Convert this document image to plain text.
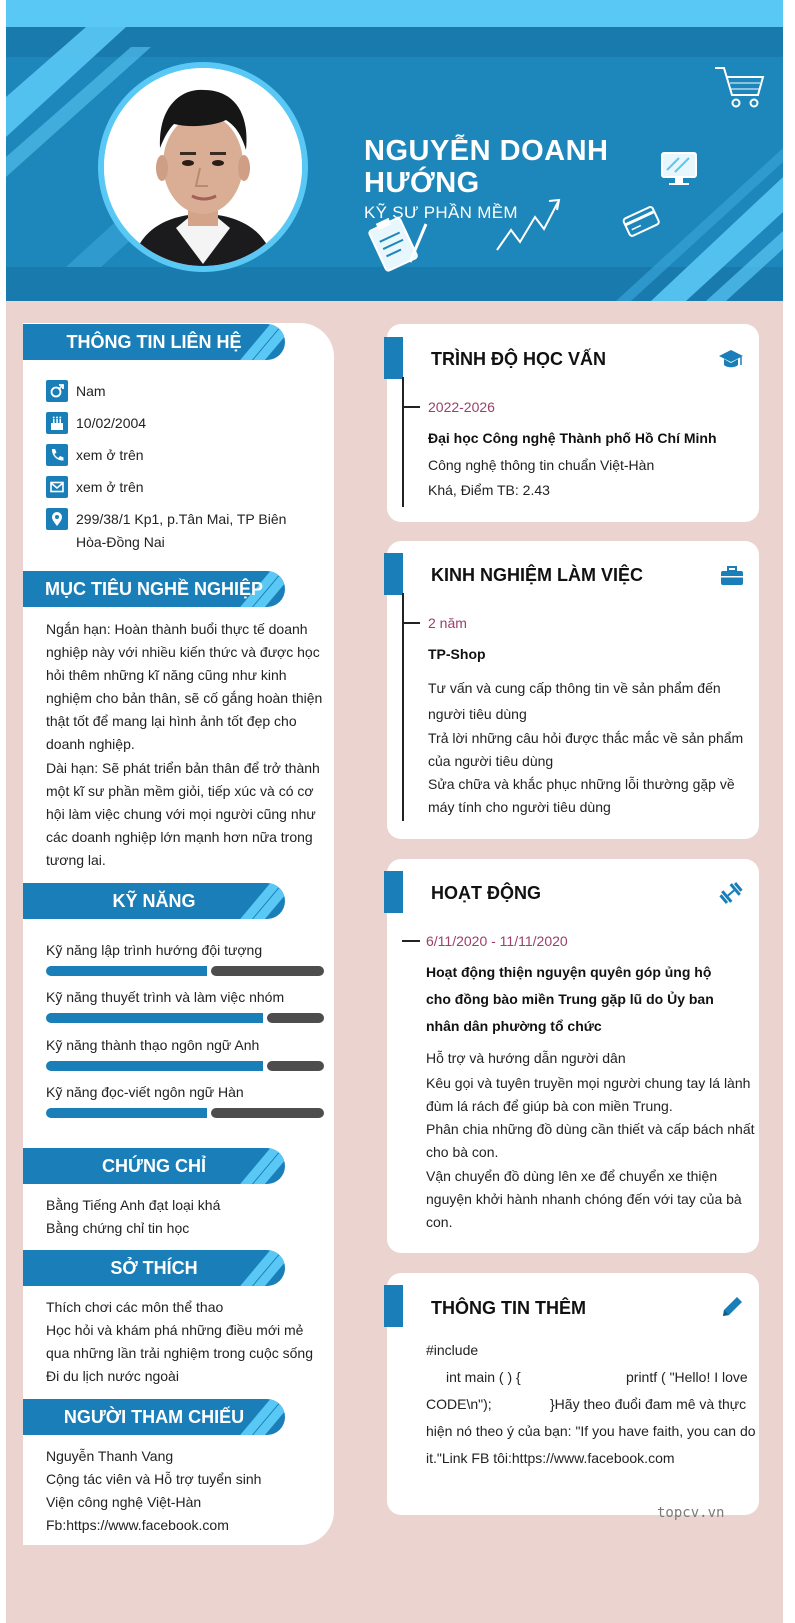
NGUYỄN DOANH HƯỚNG
KỸ SƯ PHẦN MỀM
THÔNG TIN LIÊN HỆ
Nam
10/02/2004
xem ở trên
xem ở trên
299/38/1 Kp1, p.Tân Mai, TP Biên Hòa-Đồng Nai
MỤC TIÊU NGHỀ NGHIỆP
Ngắn hạn: Hoàn thành buổi thực tế doanh nghiệp này với nhiều kiến thức và được học hỏi thêm những kĩ năng cũng như kinh nghiệm cho bản thân, sẽ cố gắng hoàn thiện thật tốt để mang lại hình ảnh tốt đẹp cho doanh nghiệp.
Dài hạn: Sẽ phát triển bản thân để trở thành một kĩ sư phần mềm giỏi, tiếp xúc và có cơ hội làm việc chung với mọi người cũng như các doanh nghiệp lớn mạnh hơn nữa trong tương lai.
KỸ NĂNG
Kỹ năng lập trình hướng đội tượng
Kỹ năng thuyết trình và làm việc nhóm
Kỹ năng thành thạo ngôn ngữ Anh
Kỹ năng đọc-viết ngôn ngữ Hàn
CHỨNG CHỈ
Bằng Tiếng Anh đạt loại khá
Bằng chứng chỉ tin học
SỞ THÍCH
Thích chơi các môn thể thao
Học hỏi và khám phá những điều mới mẻ qua những lần trải nghiệm trong cuộc sống
Đi du lịch nước ngoài
NGƯỜI THAM CHIẾU
Nguyễn Thanh Vang
Cộng tác viên và Hỗ trợ tuyển sinh
Viện công nghệ Việt-Hàn
Fb:https://www.facebook.com
TRÌNH ĐỘ HỌC VẤN
2022-2026
Đại học Công nghệ Thành phố Hồ Chí Minh
Công nghệ thông tin chuẩn Việt-Hàn
Khá, Điểm TB: 2.43
KINH NGHIỆM LÀM VIỆC
2 năm
TP-Shop
Tư vấn và cung cấp thông tin về sản phẩm đến người tiêu dùng
Trả lời những câu hỏi được thắc mắc về sản phẩm của người tiêu dùng
Sửa chữa và khắc phục những lỗi thường gặp về máy tính cho người tiêu dùng
HOẠT ĐỘNG
6/11/2020 - 11/11/2020
Hoạt động thiện nguyện quyên góp ủng hộ cho đồng bào miền Trung gặp lũ do Ủy ban nhân dân phường tổ chức
Hỗ trợ và hướng dẫn người dân
Kêu gọi và tuyên truyền mọi người chung tay lá lành đùm lá rách để giúp bà con miền Trung.
Phân chia những đồ dùng cần thiết và cấp bách nhất cho bà con.
Vận chuyển đồ dùng lên xe để chuyển xe thiện nguyện khởi hành nhanh chóng đến với tay của bà con.
THÔNG TIN THÊM
#include
int main ( ) {	printf ( "Hello! I love
CODE\n");	}Hãy theo đuổi đam mê và thực
hiện nó theo ý của bạn: "If you have faith, you can do
it."Link FB tôi:https://www.facebook.com
topcv.vn
